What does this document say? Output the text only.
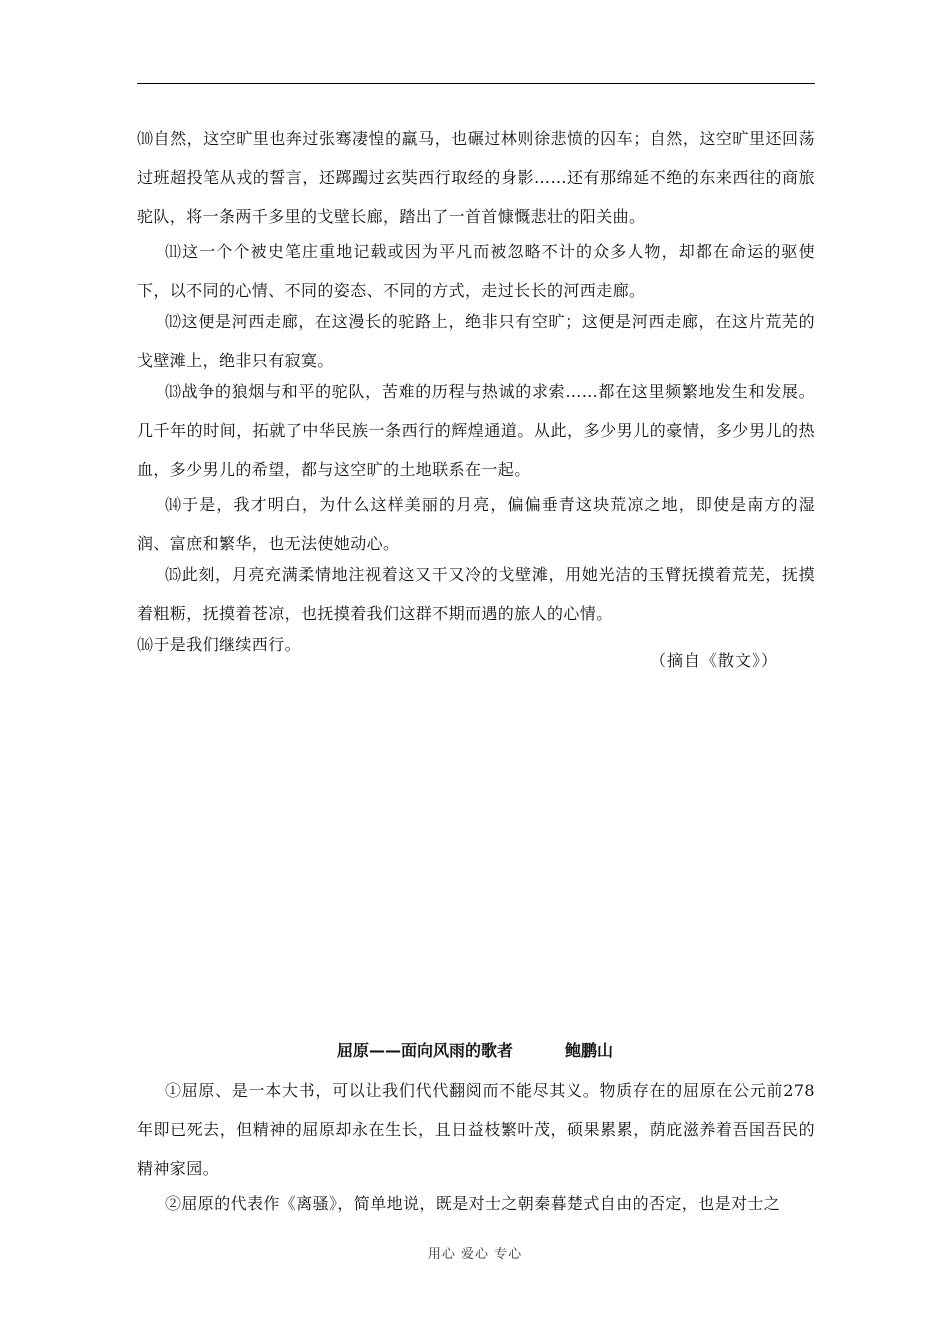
⑽自然，这空旷里也奔过张骞凄惶的羸马，也碾过林则徐悲愤的囚车；自然，这空旷里还回荡过班超投笔从戎的誓言，还踯躅过玄奘西行取经的身影……还有那绵延不绝的东来西往的商旅驼队，将一条两千多里的戈壁长廊，踏出了一首首慷慨悲壮的阳关曲。

⑾这一个个被史笔庄重地记载或因为平凡而被忽略不计的众多人物，却都在命运的驱使下，以不同的心情、不同的姿态、不同的方式，走过长长的河西走廊。

⑿这便是河西走廊，在这漫长的驼路上，绝非只有空旷；这便是河西走廊，在这片荒芜的戈壁滩上，绝非只有寂寞。

⒀战争的狼烟与和平的驼队，苦难的历程与热诚的求索……都在这里频繁地发生和发展。几千年的时间，拓就了中华民族一条西行的辉煌通道。从此，多少男儿的豪情，多少男儿的热血，多少男儿的希望，都与这空旷的土地联系在一起。

⒁于是，我才明白，为什么这样美丽的月亮，偏偏垂青这块荒凉之地，即使是南方的湿润、富庶和繁华，也无法使她动心。

⒂此刻，月亮充满柔情地注视着这又干又冷的戈壁滩，用她光洁的玉臂抚摸着荒芜，抚摸着粗粝，抚摸着苍凉，也抚摸着我们这群不期而遇的旅人的心情。

⒃于是我们继续西行。

（摘自《散文》）
屈原——面向风雨的歌者	鲍鹏山

①屈原、是一本大书，可以让我们代代翻阅而不能尽其义。物质存在的屈原在公元前278年即已死去，但精神的屈原却永在生长，且日益枝繁叶茂，硕果累累，荫庇滋养着吾国吾民的精神家园。

②屈原的代表作《离骚》，简单地说，既是对士之朝秦暮楚式自由的否定，也是对士之

用心 爱心 专心
